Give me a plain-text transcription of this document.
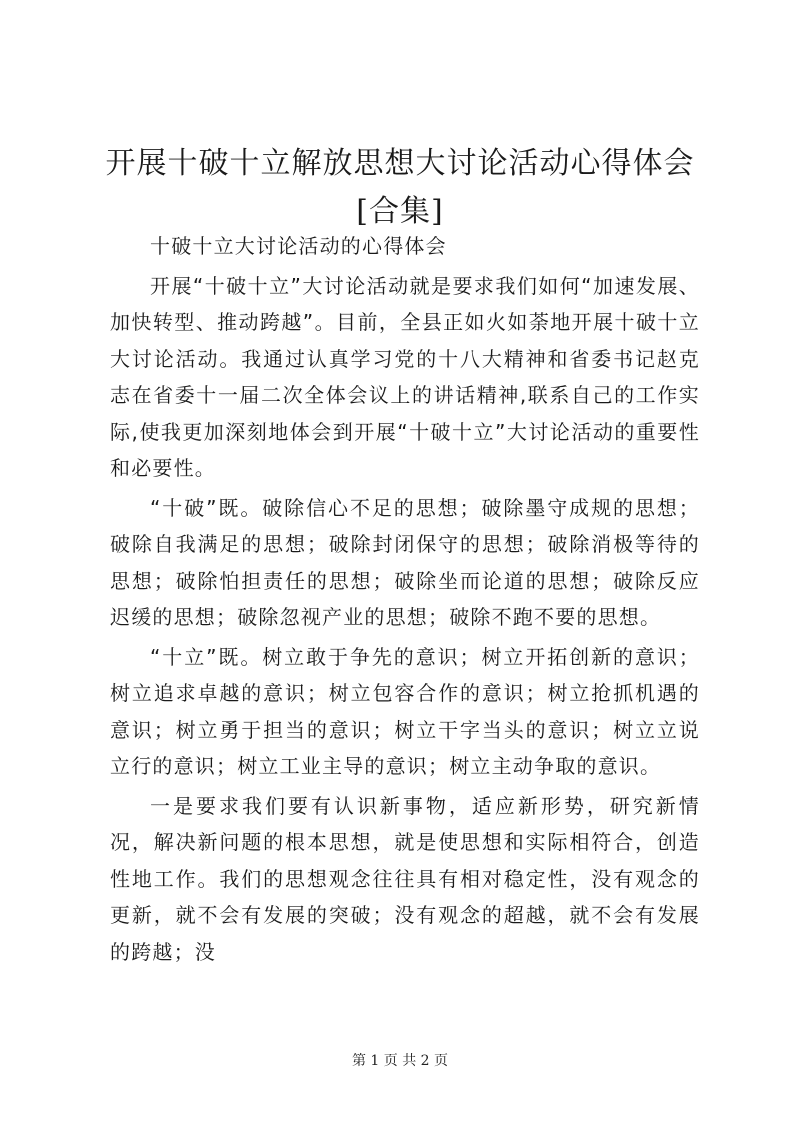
开展十破十立解放思想大讨论活动心得体会
[合集]

十破十立大讨论活动的心得体会

开展“十破十立”大讨论活动就是要求我们如何“加速发展、加快转型、推动跨越”。目前，全县正如火如荼地开展十破十立大讨论活动。我通过认真学习党的十八大精神和省委书记赵克志在省委十一届二次全体会议上的讲话精神,联系自己的工作实际,使我更加深刻地体会到开展“十破十立”大讨论活动的重要性和必要性。

“十破”既。破除信心不足的思想；破除墨守成规的思想；破除自我满足的思想；破除封闭保守的思想；破除消极等待的思想；破除怕担责任的思想；破除坐而论道的思想；破除反应迟缓的思想；破除忽视产业的思想；破除不跑不要的思想。

“十立”既。树立敢于争先的意识；树立开拓创新的意识；树立追求卓越的意识；树立包容合作的意识；树立抢抓机遇的意识；树立勇于担当的意识；树立干字当头的意识；树立立说立行的意识；树立工业主导的意识；树立主动争取的意识。

一是要求我们要有认识新事物，适应新形势，研究新情况，解决新问题的根本思想，就是使思想和实际相符合，创造性地工作。我们的思想观念往往具有相对稳定性，没有观念的更新，就不会有发展的突破；没有观念的超越，就不会有发展的跨越；没

第 1 页 共 2 页
